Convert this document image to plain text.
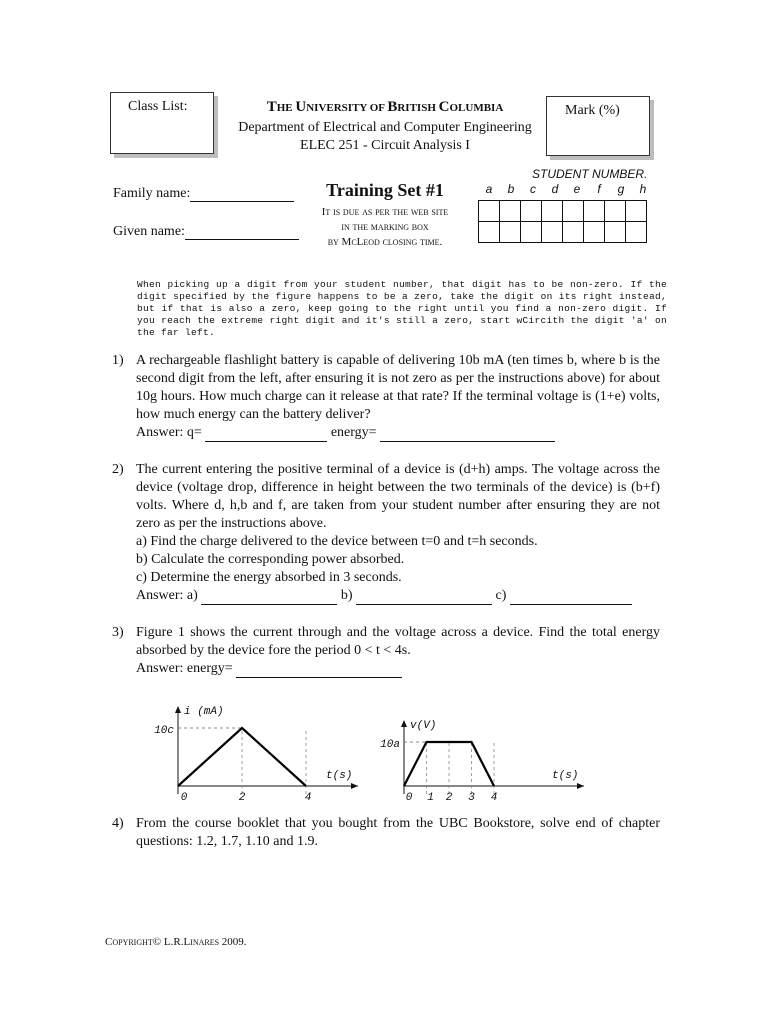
Class List:	THE UNIVERSITY OF BRITISH COLUMBIA
Department of Electrical and Computer Engineering
ELEC 251 - Circuit Analysis I
Mark (%)
Family name:
Given name:
Training Set #1
It is due as per the web site
in the marking box
by McLeod closing time.
STUDENT NUMBER.
a b c d e f g h

When picking up a digit from your student number, that digit has to be non-zero. If the digit specified by the figure happens to be a zero, take the digit on its right instead, but if that is also a zero, keep going to the right until you find a non-zero digit. If you reach the extreme right digit and it's still a zero, start wCircith the digit 'a' on the far left.
1) A rechargeable flashlight battery is capable of delivering 10b mA (ten times b, where b is the second digit from the left, after ensuring it is not zero as per the instructions above) for about 10g hours. How much charge can it release at that rate? If the terminal voltage is (1+e) volts, how much energy can the battery deliver?

Answer: q=	energy=

2) The current entering the positive terminal of a device is (d+h) amps. The voltage across the device (voltage drop, difference in height between the two terminals of the device) is (b+f) volts. Where d, h,b and f, are taken from your student number after ensuring they are not zero as per the instructions above.

a) Find the charge delivered to the device between t=0 and t=h seconds.

b) Calculate the corresponding power absorbed.

c) Determine the energy absorbed in 3 seconds.

Answer: a)	b)	c)

3) Figure 1 shows the current through and the voltage across a device. Find the total energy absorbed by the device fore the period 0 < t < 4s.

Answer: energy=

i (mA)
t(s)
10c
0	2	4
v(V)
t(s)
10a
0 1 2 3 4
4) From the course booklet that you bought from the UBC Bookstore, solve end of chapter questions: 1.2, 1.7, 1.10 and 1.9.

Copyright© L.R.Linares 2009.
